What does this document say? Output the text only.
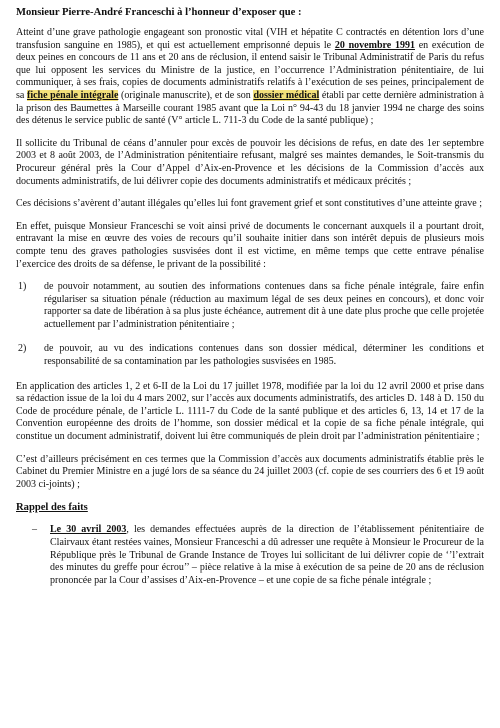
Monsieur Pierre-André Franceschi à l’honneur d’exposer que :

Atteint d’une grave pathologie engageant son pronostic vital (VIH et hépatite C contractés en détention lors d’une transfusion sanguine en 1985), et qui est actuellement emprisonné depuis le 20 novembre 1991 en exécution de deux peines en concours de 11 ans et 20 ans de réclusion, il entend saisir le Tribunal Administratif de Paris du refus que lui opposent les services du Ministre de la justice, en l’occurrence l’Administration pénitentiaire, de lui communiquer, à ses frais, copies de documents administratifs relatifs à l’exécution de ses peines, principalement de sa fiche pénale intégrale (originale manuscrite), et de son dossier médical établi par cette dernière administration à la prison des Baumettes à Marseille courant 1985 avant que la Loi n° 94-43 du 18 janvier 1994 ne charge des soins des détenus le service public de santé (V° article L. 711-3 du Code de la santé publique) ;

Il sollicite du Tribunal de céans d’annuler pour excès de pouvoir les décisions de refus, en date des 1er septembre 2003 et 8 août 2003, de l’Administration pénitentiaire refusant, malgré ses maintes demandes, le Soit-transmis du Procureur général près la Cour d’Appel d’Aix-en-Provence et les décisions de la Commission d’accès aux documents administratifs, de lui délivrer copie des documents administratifs et médicaux précités ;

Ces décisions s’avèrent d’autant illégales qu’elles lui font gravement grief et sont constitutives d’une atteinte grave ;

En effet, puisque Monsieur Franceschi se voit ainsi privé de documents le concernant auxquels il a pourtant droit, entravant la mise en œuvre des voies de recours qu’il souhaite initier dans son intérêt depuis de plusieurs mois compte tenu des graves pathologies susvisées dont il est victime, en même temps que cette entrave pénalise l’exercice des droits de sa défense, le privant de la possibilité :

1)	de pouvoir notamment, au soutien des informations contenues dans sa fiche pénale intégrale, faire enfin régulariser sa situation pénale (réduction au maximum légal de ses deux peines en concours), et donc voir rapporter sa date de libération à sa plus juste échéance, autrement dit à une date plus proche que celle projetée actuellement par l’administration pénitentiaire ;

2)	de pouvoir, au vu des indications contenues dans son dossier médical, déterminer les conditions et responsabilité de sa contamination par les pathologies susvisées en 1985.

En application des articles 1, 2 et 6-II de la Loi du 17 juillet 1978, modifiée par la loi du 12 avril 2000 et prise dans sa rédaction issue de la loi du 4 mars 2002, sur l’accès aux documents administratifs, des articles D. 148 à D. 150 du Code de procédure pénale, de l’article L. 1111-7 du Code de la santé publique et des articles 6, 13, 14 et 17 de la Convention européenne des droits de l’homme, son dossier médical et la copie de sa fiche pénale intégrale, qui constitue un document administratif, doivent lui être communiqués de plein droit par l’administration pénitentiaire ;

C’est d’ailleurs précisément en ces termes que la Commission d’accès aux documents administratifs établie près le Cabinet du Premier Ministre en a jugé lors de sa séance du 24 juillet 2003 (cf. copie de ses courriers des 6 et 19 août 2003 ci-joints) ;

Rappel des faits
–	Le 30 avril 2003, les demandes effectuées auprès de la direction de l’établissement pénitentiaire de Clairvaux étant restées vaines, Monsieur Franceschi a dû adresser une requête à Monsieur le Procureur de la République près le Tribunal de Grande Instance de Troyes lui sollicitant de lui délivrer copie de ‘’l’extrait des minutes du greffe pour écrou’’ – pièce relative à la mise à exécution de sa peine de 20 ans de réclusion prononcée par la Cour d’assises d’Aix-en-Provence – et une copie de sa fiche pénale intégrale ;
